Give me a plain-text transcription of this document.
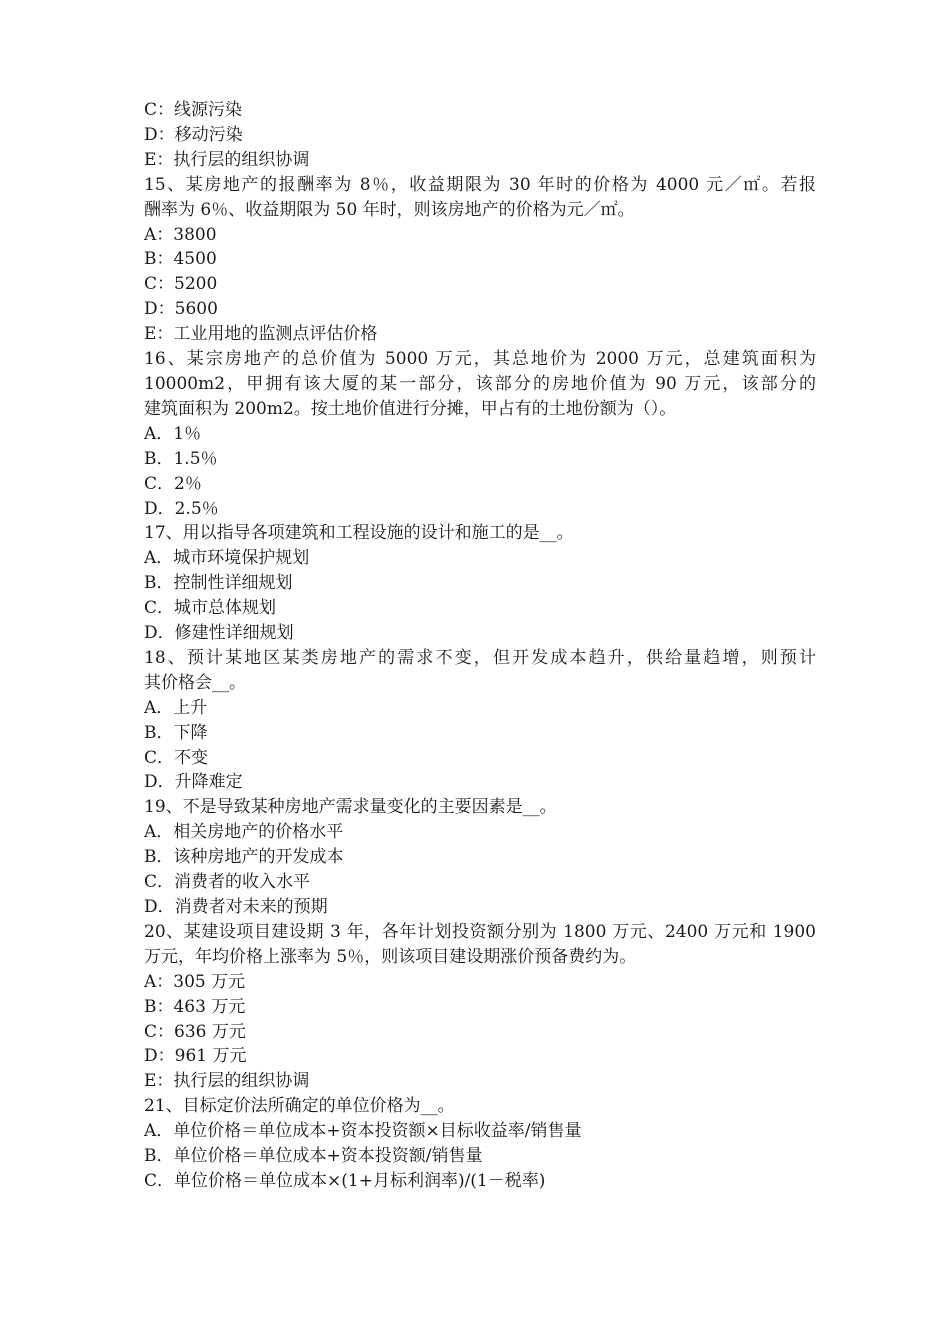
C：线源污染
D：移动污染
E：执行层的组织协调
15、某房地产的报酬率为 8％，收益期限为 30 年时的价格为 4000 元／㎡。若报
酬率为 6％、收益期限为 50 年时，则该房地产的价格为元／㎡。
A：3800
B：4500
C：5200
D：5600
E：工业用地的监测点评估价格
16、某宗房地产的总价值为 5000 万元，其总地价为 2000 万元，总建筑面积为
10000m2，甲拥有该大厦的某一部分，该部分的房地价值为 90 万元，该部分的
建筑面积为 200m2。按土地价值进行分摊，甲占有的土地份额为（）。
A．1％
B．1.5％
C．2％
D．2.5％
17、用以指导各项建筑和工程设施的设计和施工的是__。
A．城市环境保护规划
B．控制性详细规划
C．城市总体规划
D．修建性详细规划
18、预计某地区某类房地产的需求不变，但开发成本趋升，供给量趋增，则预计
其价格会__。
A．上升
B．下降
C．不变
D．升降难定
19、不是导致某种房地产需求量变化的主要因素是__。
A．相关房地产的价格水平
B．该种房地产的开发成本
C．消费者的收入水平
D．消费者对未来的预期
20、某建设项目建设期 3 年，各年计划投资额分别为 1800 万元、2400 万元和 1900
万元，年均价格上涨率为 5％，则该项目建设期涨价预备费约为。
A：305 万元
B：463 万元
C：636 万元
D：961 万元
E：执行层的组织协调
21、目标定价法所确定的单位价格为__。
A．单位价格＝单位成本+资本投资额×目标收益率/销售量
B．单位价格＝单位成本+资本投资额/销售量
C．单位价格＝单位成本×(1+月标利润率)/(1－税率)
